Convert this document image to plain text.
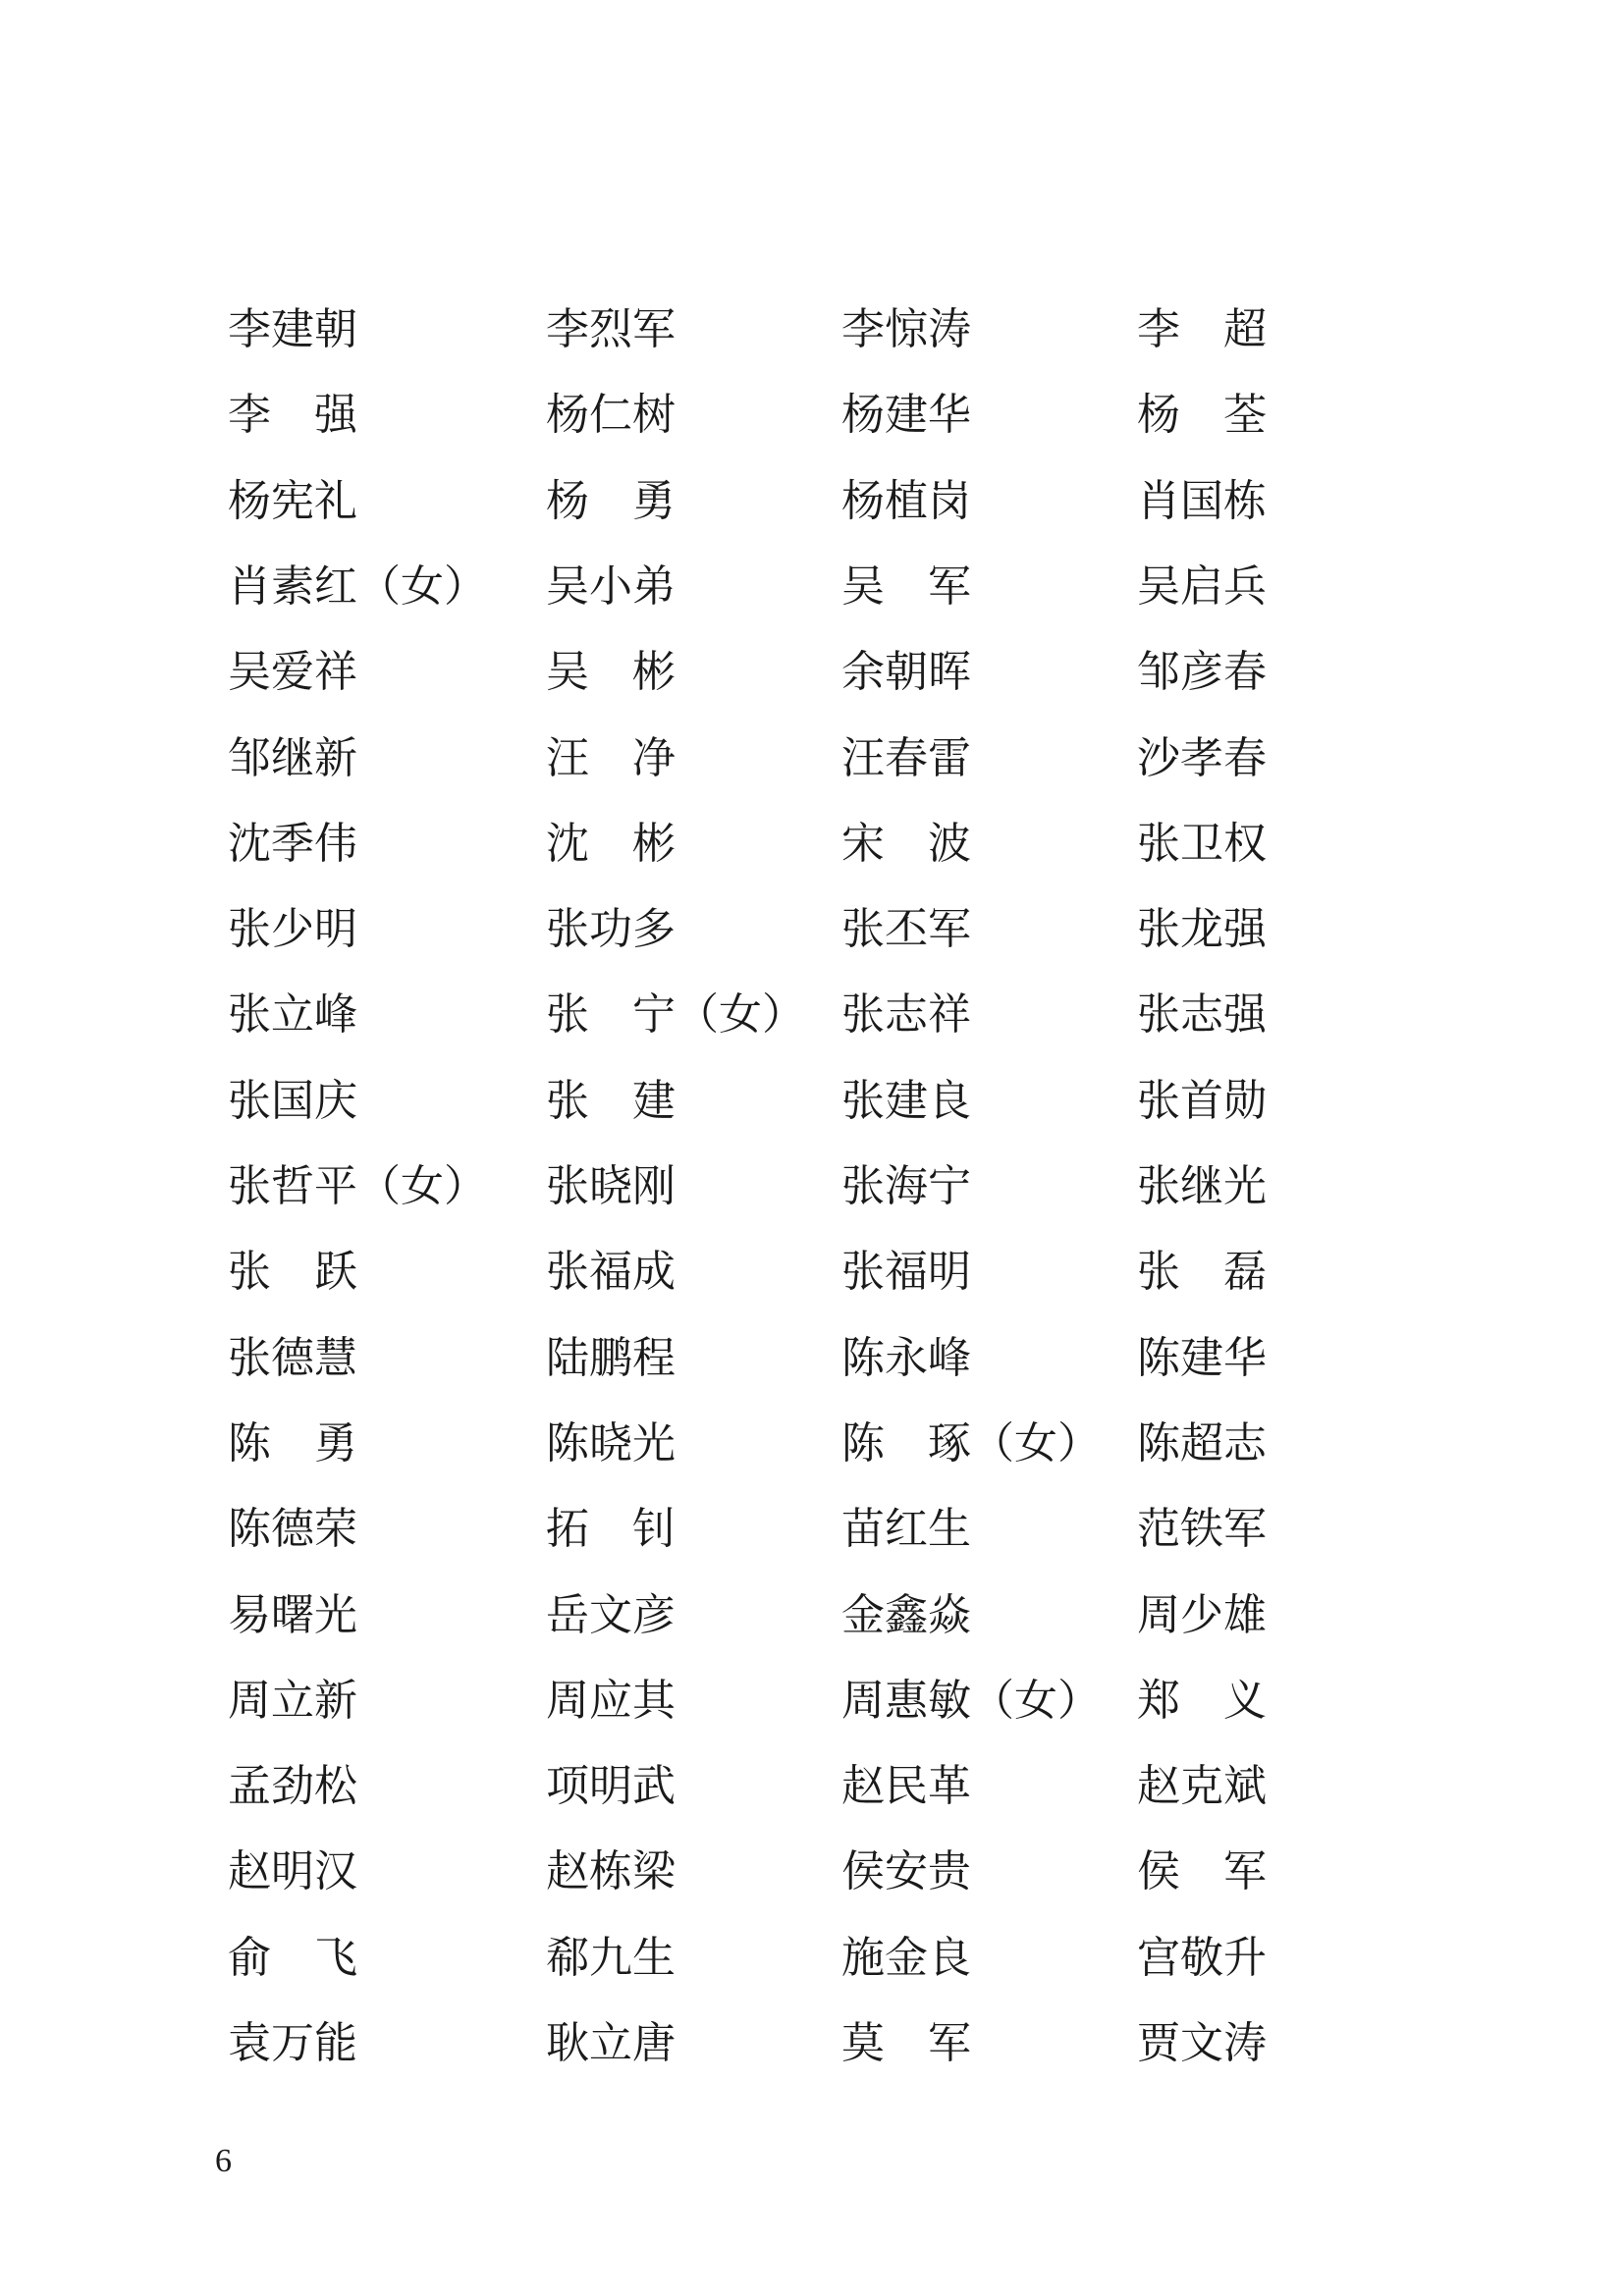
李建朝	李烈军	李惊涛	李　超
李　强	杨仁树	杨建华	杨　荃
杨宪礼	杨　勇	杨植岗	肖国栋
肖素红（女） 吴小弟	吴　军	吴启兵
吴爱祥	吴　彬	余朝晖	邹彦春
邹继新	汪　净	汪春雷	沙孝春
沈季伟	沈　彬	宋　波	张卫权
张少明	张功多	张丕军	张龙强
张立峰	张　宁（女） 张志祥	张志强
张国庆	张　建	张建良	张首勋
张哲平（女） 张晓刚	张海宁	张继光
张　跃	张福成	张福明	张　磊
张德慧	陆鹏程	陈永峰	陈建华
陈　勇	陈晓光	陈　琢（女） 陈超志
陈德荣	拓　钊	苗红生	范铁军
易曙光	岳文彦	金鑫焱	周少雄
周立新	周应其	周惠敏（女） 郑　义
孟劲松	项明武	赵民革	赵克斌
赵明汉	赵栋梁	侯安贵	侯　军
俞　飞	郗九生	施金良	宫敬升
袁万能	耿立唐	莫　军	贾文涛
6
